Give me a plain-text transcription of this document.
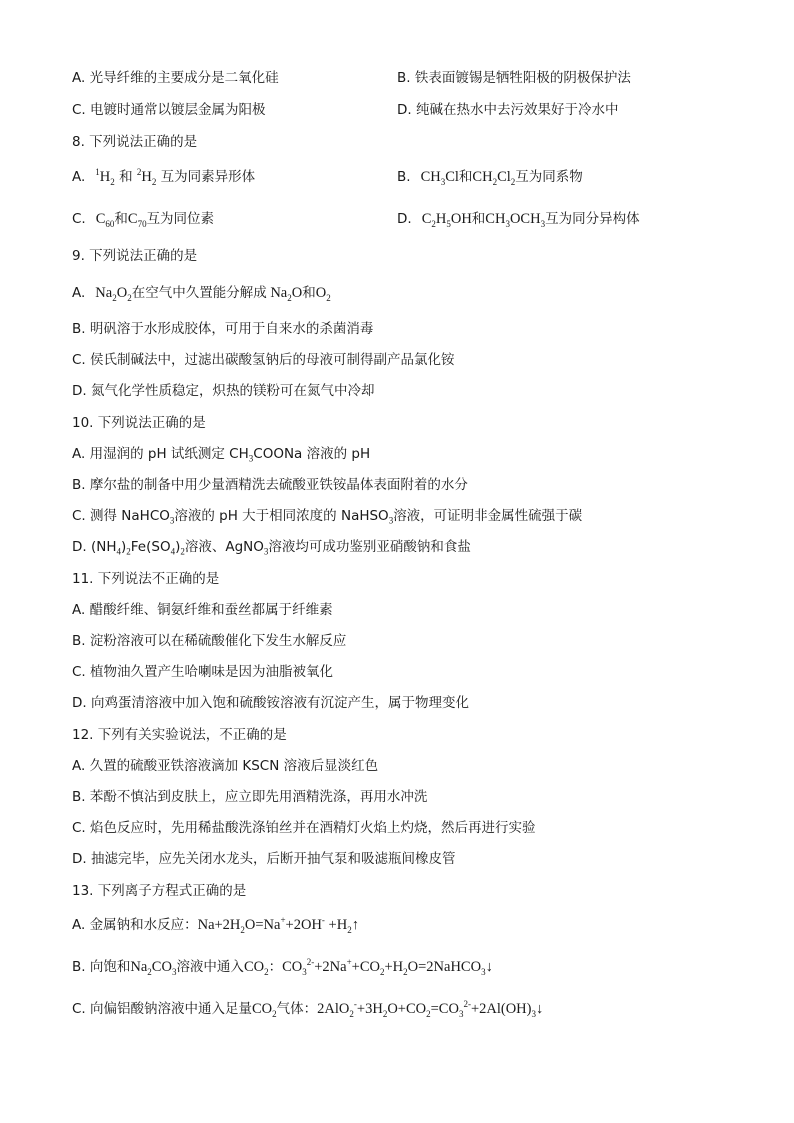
A. 光导纤维的主要成分是二氧化硅	B. 铁表面镀锡是牺牲阳极的阴极保护法
C. 电镀时通常以镀层金属为阳极	D. 纯碱在热水中去污效果好于冷水中
8. 下列说法正确的是
A. $^1H_2$ 和 $^2H_2$ 互为同素异形体	B. $CH_3Cl$和$CH_2Cl_2$互为同系物
C. $C_{60}$和$C_{70}$互为同位素	D. $C_2H_5OH$和$CH_3OCH_3$互为同分异构体
9. 下列说法正确的是
A. $Na_2O_2$在空气中久置能分解成 $Na_2O$和$O_2$
B. 明矾溶于水形成胶体，可用于自来水的杀菌消毒
C. 侯氏制碱法中，过滤出碳酸氢钠后的母液可制得副产品氯化铵
D. 氮气化学性质稳定，炽热的镁粉可在氮气中冷却
10. 下列说法正确的是
A. 用湿润的 pH 试纸测定 $CH_3COONa$ 溶液的 pH
B. 摩尔盐的制备中用少量酒精洗去硫酸亚铁铵晶体表面附着的水分
C. 测得 NaHCO$_3$溶液的 pH 大于相同浓度的 NaHSO$_3$溶液，可证明非金属性硫强于碳
D. $(NH_4)_2Fe(SO_4)_2$溶液、AgNO$_3$溶液均可成功鉴别亚硝酸钠和食盐
11. 下列说法不正确的是
A. 醋酸纤维、铜氨纤维和蚕丝都属于纤维素
B. 淀粉溶液可以在稀硫酸催化下发生水解反应
C. 植物油久置产生哈喇味是因为油脂被氧化
D. 向鸡蛋清溶液中加入饱和硫酸铵溶液有沉淀产生，属于物理变化
12. 下列有关实验说法，不正确的是
A. 久置的硫酸亚铁溶液滴加 KSCN 溶液后显淡红色
B. 苯酚不慎沾到皮肤上，应立即先用酒精洗涤，再用水冲洗
C. 焰色反应时，先用稀盐酸洗涤铂丝并在酒精灯火焰上灼烧，然后再进行实验
D. 抽滤完毕，应先关闭水龙头，后断开抽气泵和吸滤瓶间橡皮管
13. 下列离子方程式正确的是
A. 金属钠和水反应：$Na+2H_2O=Na^++2OH^-$ $+H_2↑$
B. 向饱和$Na_2CO_3$溶液中通入$CO_2$：$CO_3^{2-}+2Na^++CO_2+H_2O=2NaHCO_3↓$
C. 向偏铝酸钠溶液中通入足量$CO_2$气体：$2AlO_2^-+3H_2O+CO_2=CO_3^{2-}+2Al(OH)_3↓$
